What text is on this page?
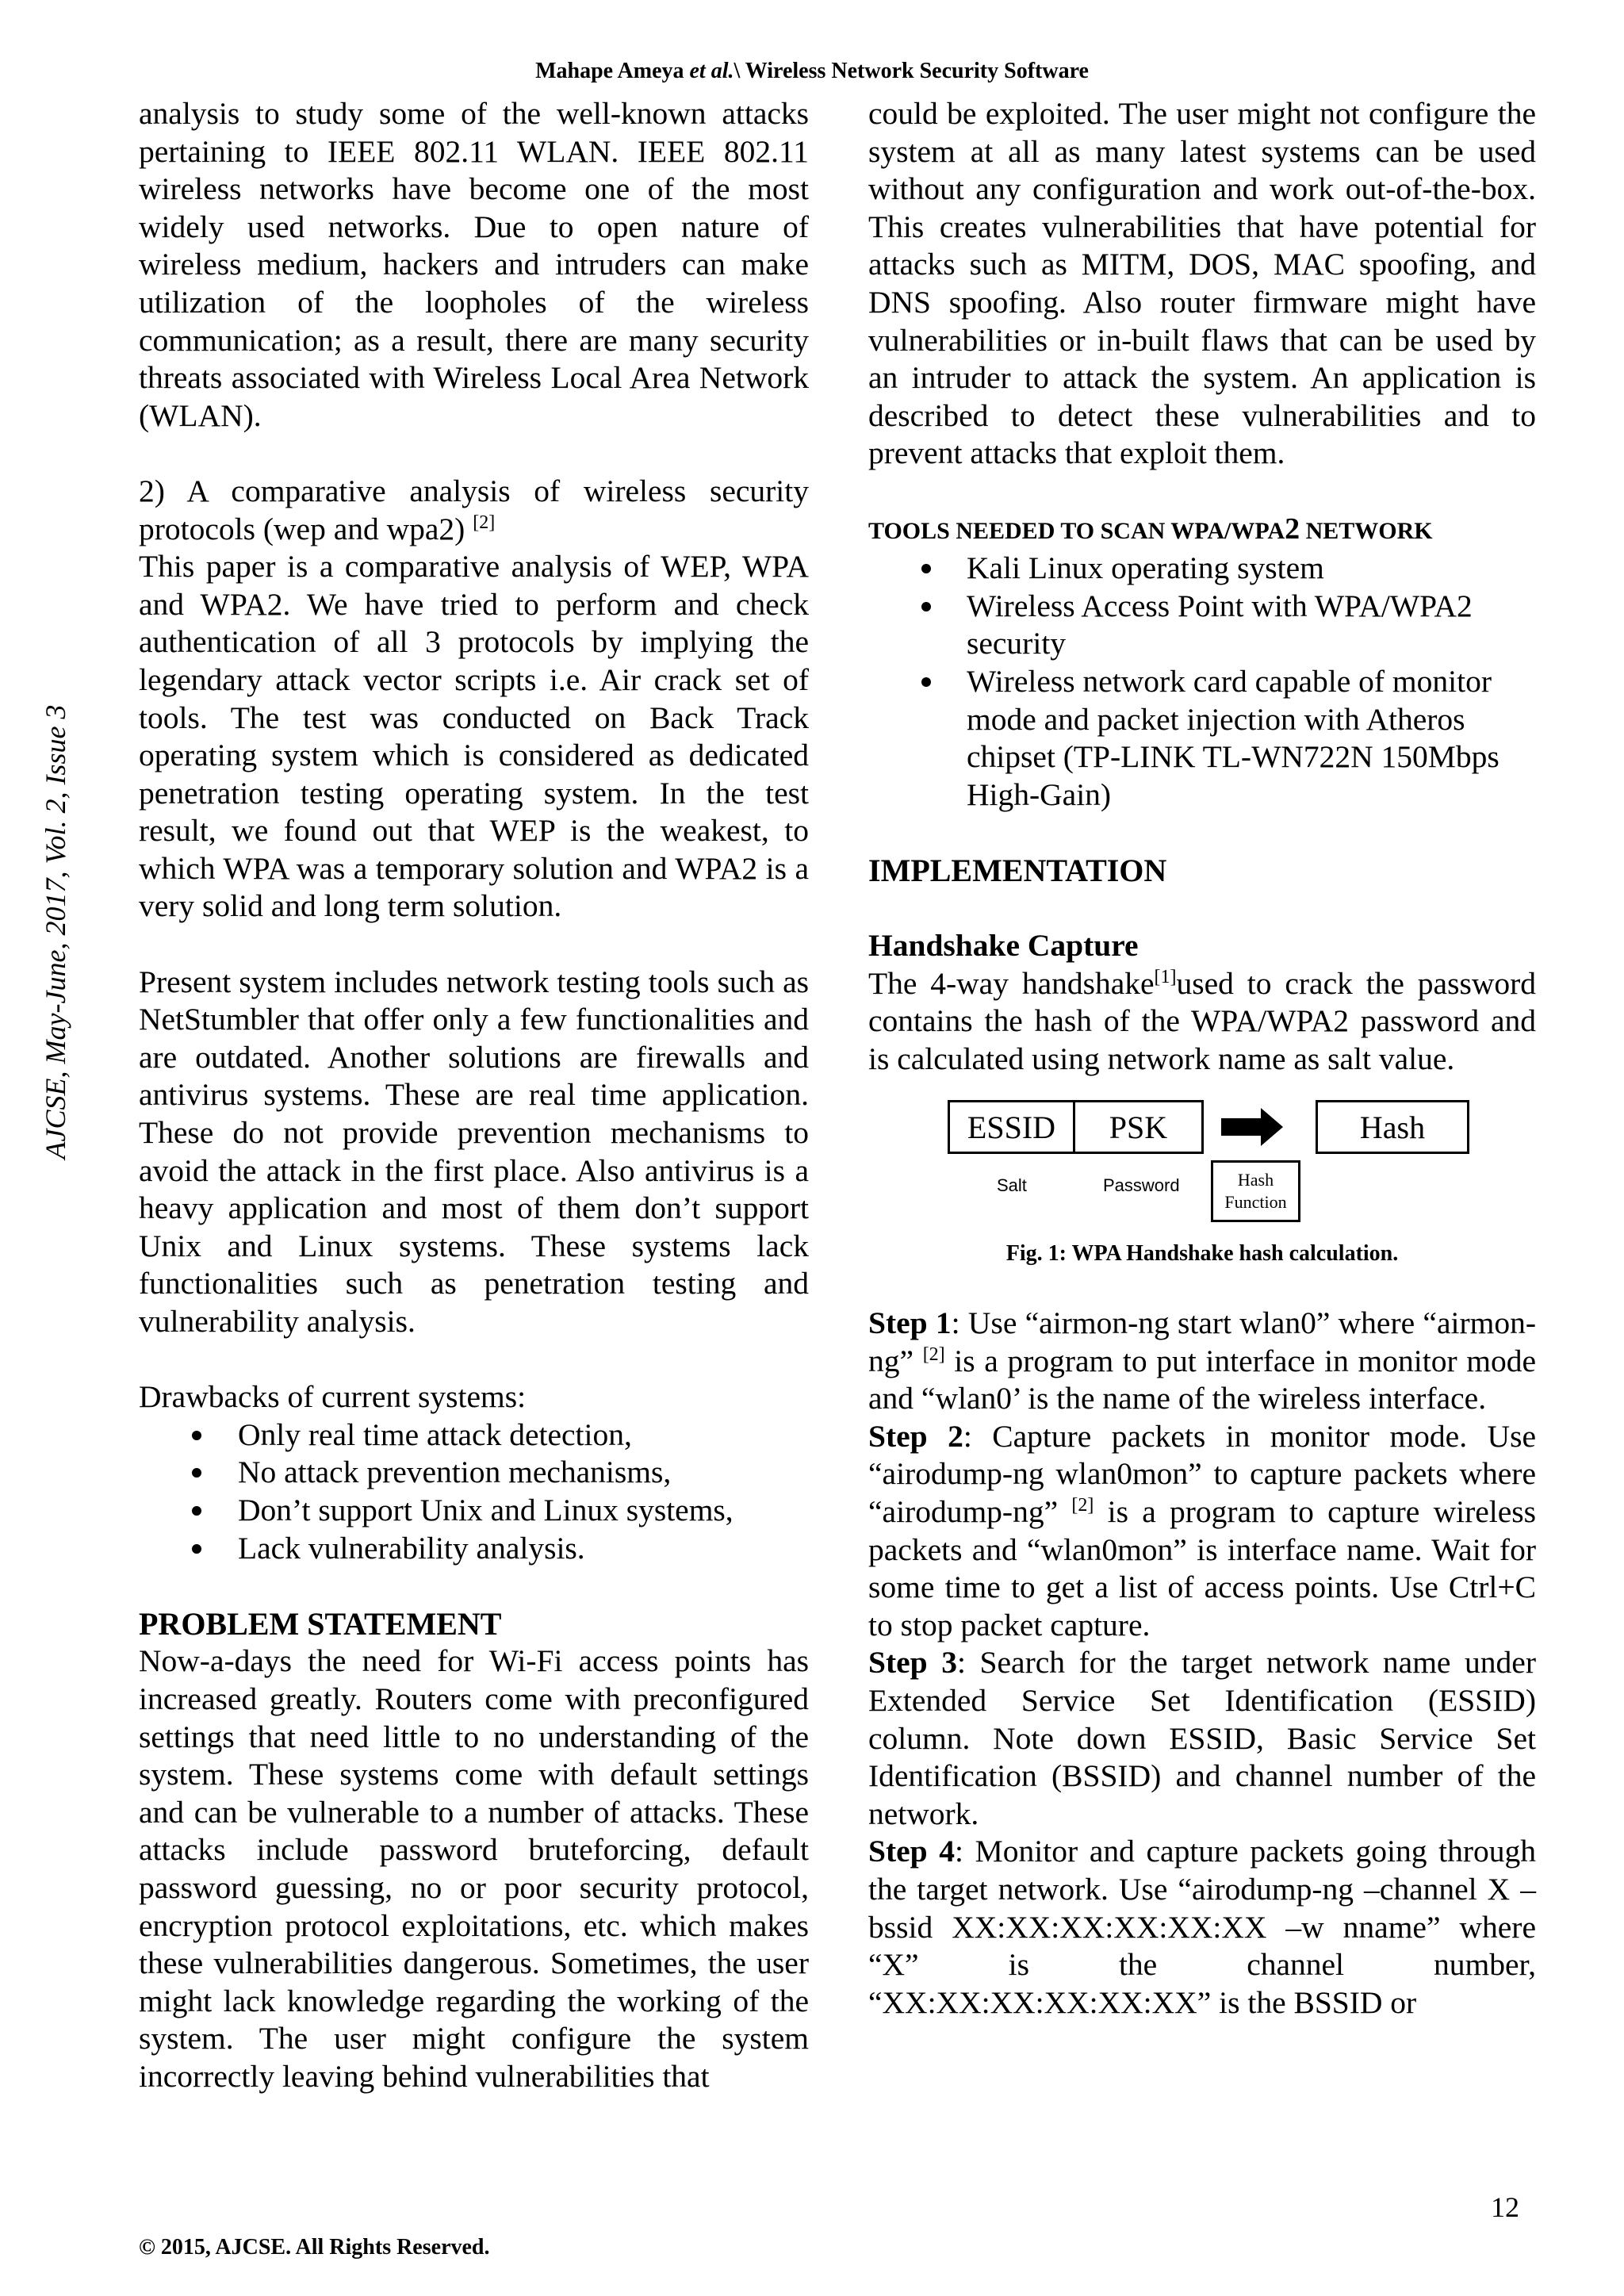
Mahape Ameya et al.\ Wireless Network Security Software
AJCSE, May-June, 2017, Vol. 2, Issue 3

analysis to study some of the well-known attacks pertaining to IEEE 802.11 WLAN. IEEE 802.11 wireless networks have become one of the most widely used networks. Due to open nature of wireless medium, hackers and intruders can make utilization of the loopholes of the wireless communication; as a result, there are many security threats associated with Wireless Local Area Network (WLAN).

2) A comparative analysis of wireless security protocols (wep and wpa2) [2]

This paper is a comparative analysis of WEP, WPA and WPA2. We have tried to perform and check authentication of all 3 protocols by implying the legendary attack vector scripts i.e. Air crack set of tools. The test was conducted on Back Track operating system which is considered as dedicated penetration testing operating system. In the test result, we found out that WEP is the weakest, to which WPA was a temporary solution and WPA2 is a very solid and long term solution.

Present system includes network testing tools such as NetStumbler that offer only a few functionalities and are outdated. Another solutions are firewalls and antivirus systems. These are real time application. These do not provide prevention mechanisms to avoid the attack in the first place. Also antivirus is a heavy application and most of them don’t support Unix and Linux systems. These systems lack functionalities such as penetration testing and vulnerability analysis.

Drawbacks of current systems:

Only real time attack detection,
No attack prevention mechanisms,
Don’t support Unix and Linux systems,
Lack vulnerability analysis.

PROBLEM STATEMENT

Now-a-days the need for Wi-Fi access points has increased greatly. Routers come with preconfigured settings that need little to no understanding of the system. These systems come with default settings and can be vulnerable to a number of attacks. These attacks include password bruteforcing, default password guessing, no or poor security protocol, encryption protocol exploitations, etc. which makes these vulnerabilities dangerous. Sometimes, the user might lack knowledge regarding the working of the system. The user might configure the system incorrectly leaving behind vulnerabilities that

could be exploited. The user might not configure the system at all as many latest systems can be used without any configuration and work out-of-the-box. This creates vulnerabilities that have potential for attacks such as MITM, DOS, MAC spoofing, and DNS spoofing. Also router firmware might have vulnerabilities or in-built flaws that can be used by an intruder to attack the system. An application is described to detect these vulnerabilities and to prevent attacks that exploit them.

TOOLS NEEDED TO SCAN WPA/WPA2 NETWORK

Kali Linux operating system
Wireless Access Point with WPA/WPA2 security
Wireless network card capable of monitor mode and packet injection with Atheros chipset (TP-LINK TL-WN722N 150Mbps High-Gain)

IMPLEMENTATION

Handshake Capture

The 4-way handshake[1]used to crack the password contains the hash of the WPA/WPA2 password and is calculated using network name as salt value.

ESSID	PSK	Hash
Salt	Password	Hash
Function

Fig. 1: WPA Handshake hash calculation.

Step 1: Use “airmon-ng start wlan0” where “airmon-ng” [2] is a program to put interface in monitor mode and “wlan0’ is the name of the wireless interface.

Step 2: Capture packets in monitor mode. Use “airodump-ng wlan0mon” to capture packets where “airodump-ng” [2] is a program to capture wireless packets and “wlan0mon” is interface name. Wait for some time to get a list of access points. Use Ctrl+C to stop packet capture.

Step 3: Search for the target network name under Extended Service Set Identification (ESSID) column. Note down ESSID, Basic Service Set Identification (BSSID) and channel number of the network.

Step 4: Monitor and capture packets going through the target network. Use “airodump-ng –channel X –bssid XX:XX:XX:XX:XX:XX –w nname” where “X” is the channel number, “XX:XX:XX:XX:XX:XX” is the BSSID or

12
© 2015, AJCSE. All Rights Reserved.
